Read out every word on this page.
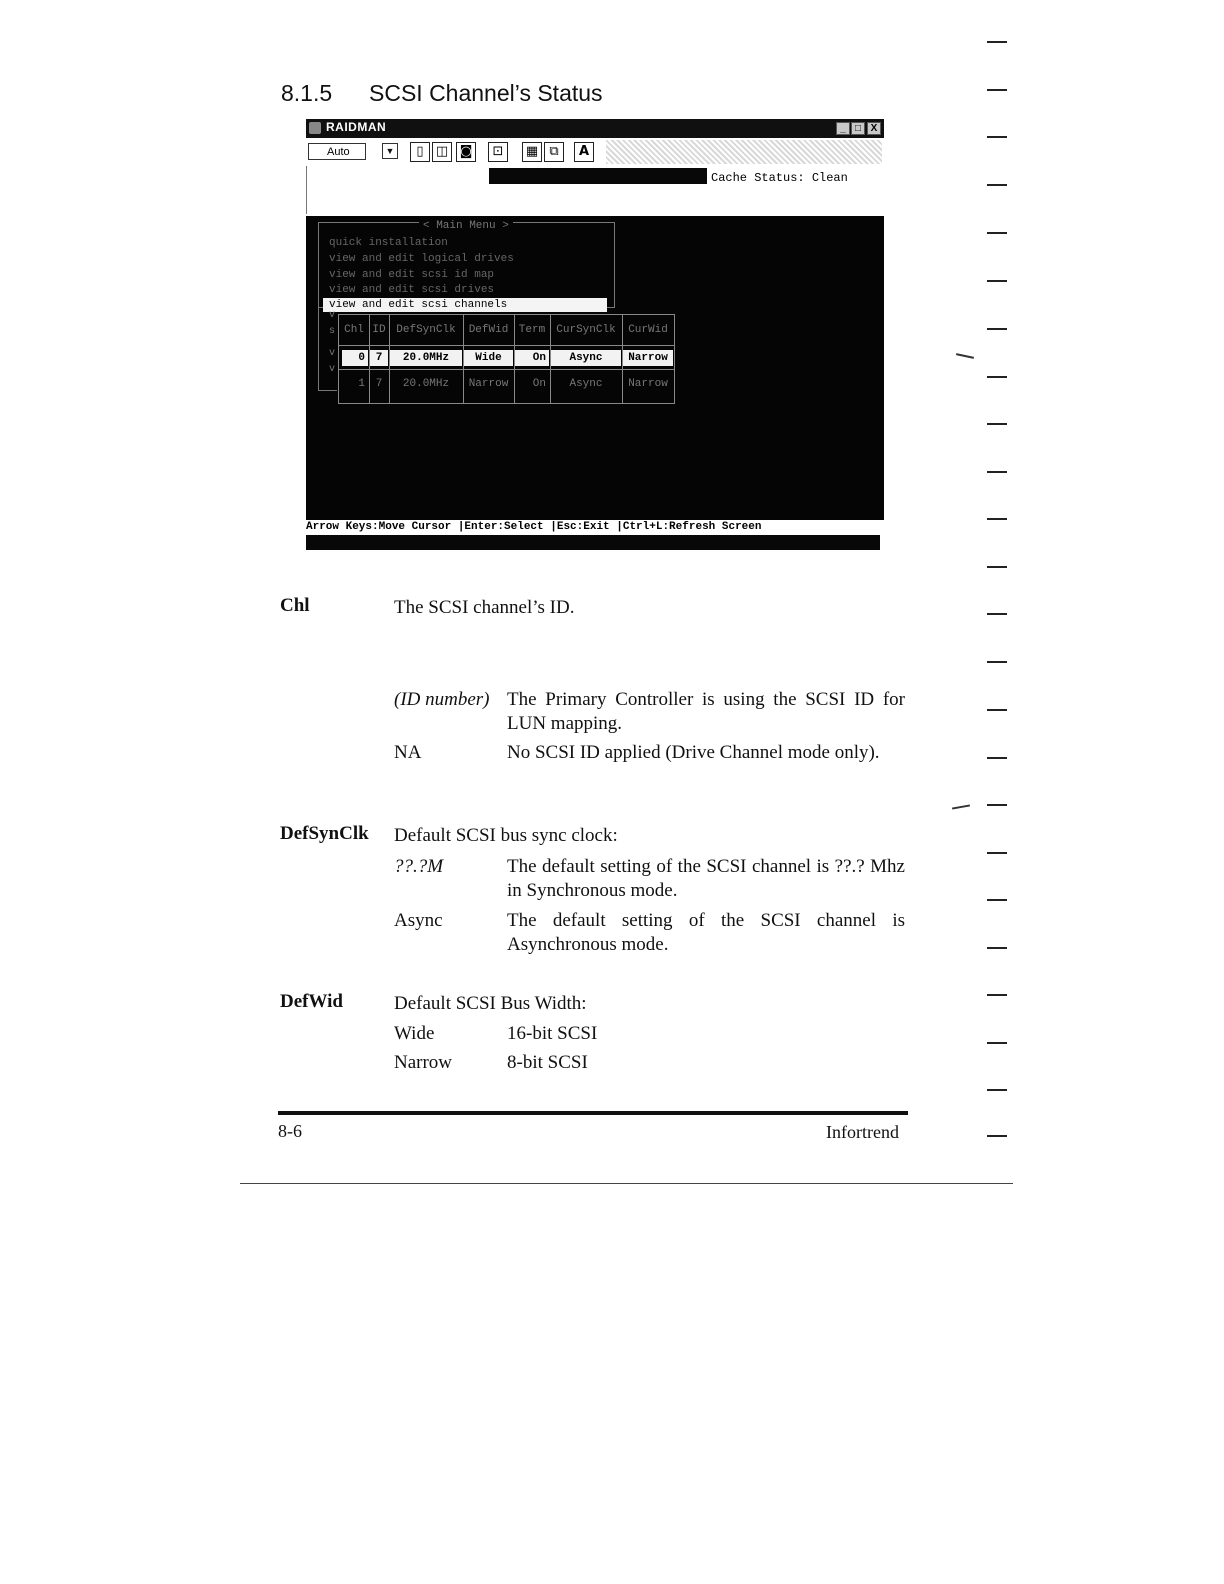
8.1.5 SCSI Channel’s Status
RAIDMAN	_ □ X
Auto	▼	▯ ◫ ◙	⊡	▦ ⧉	A
Cache Status: Clean
< Main Menu >
quick installation
view and edit logical drives
view and edit scsi id map
view and edit scsi drives
view and edit scsi channels
v
s
v
v
Chl ID DefSynClk	DefWid Term	CurSynClk	CurWid
0 7	20.0MHz	Wide	On	Async	Narrow
1 7	20.0MHz	Narrow	On	Async	Narrow
Arrow Keys:Move Cursor |Enter:Select |Esc:Exit |Ctrl+L:Refresh Screen
Chl	The SCSI channel’s ID.
(ID number) The Primary Controller is using the SCSI ID for LUN mapping.
NA	No SCSI ID applied (Drive Channel mode only).
DefSynClk Default SCSI bus sync clock:
??.?M	The default setting of the SCSI channel is ??.? Mhz in Synchronous mode.
Async	The default setting of the SCSI channel is Asynchronous mode.
DefWid	Default SCSI Bus Width:
Wide	16-bit SCSI
Narrow	8-bit SCSI
8-6	Infortrend
